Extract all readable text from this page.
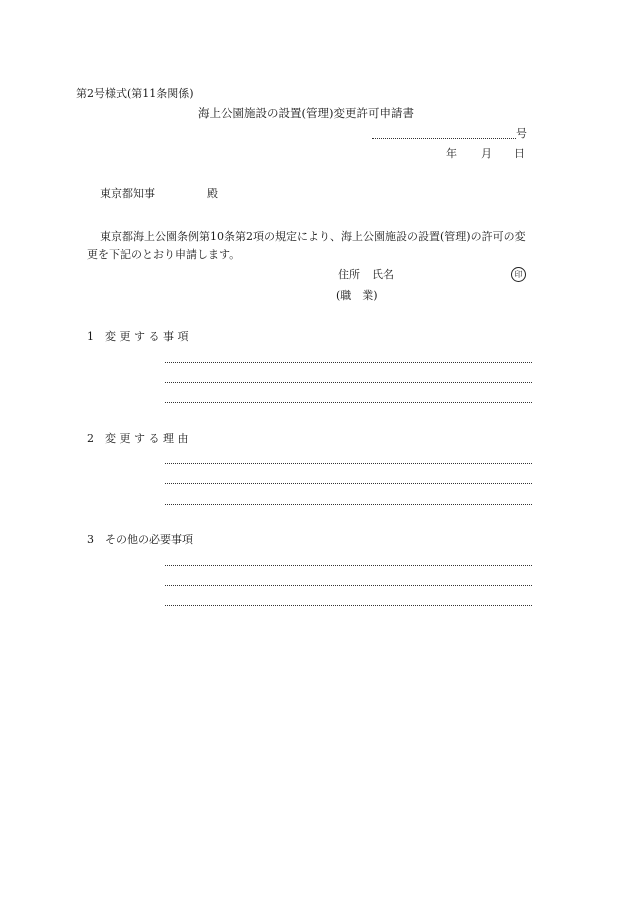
第2号様式(第11条関係)
海上公園施設の設置(管理)変更許可申請書
号
年 月 日
東京都知事	殿
東京都海上公園条例第10条第2項の規定により、海上公園施設の設置(管理)の許可の変
更を下記のとおり申請します。
住所 氏名	印
(職　業)
1　変 更 す る 事 項
2　変 更 す る 理 由
3　その他の必要事項
